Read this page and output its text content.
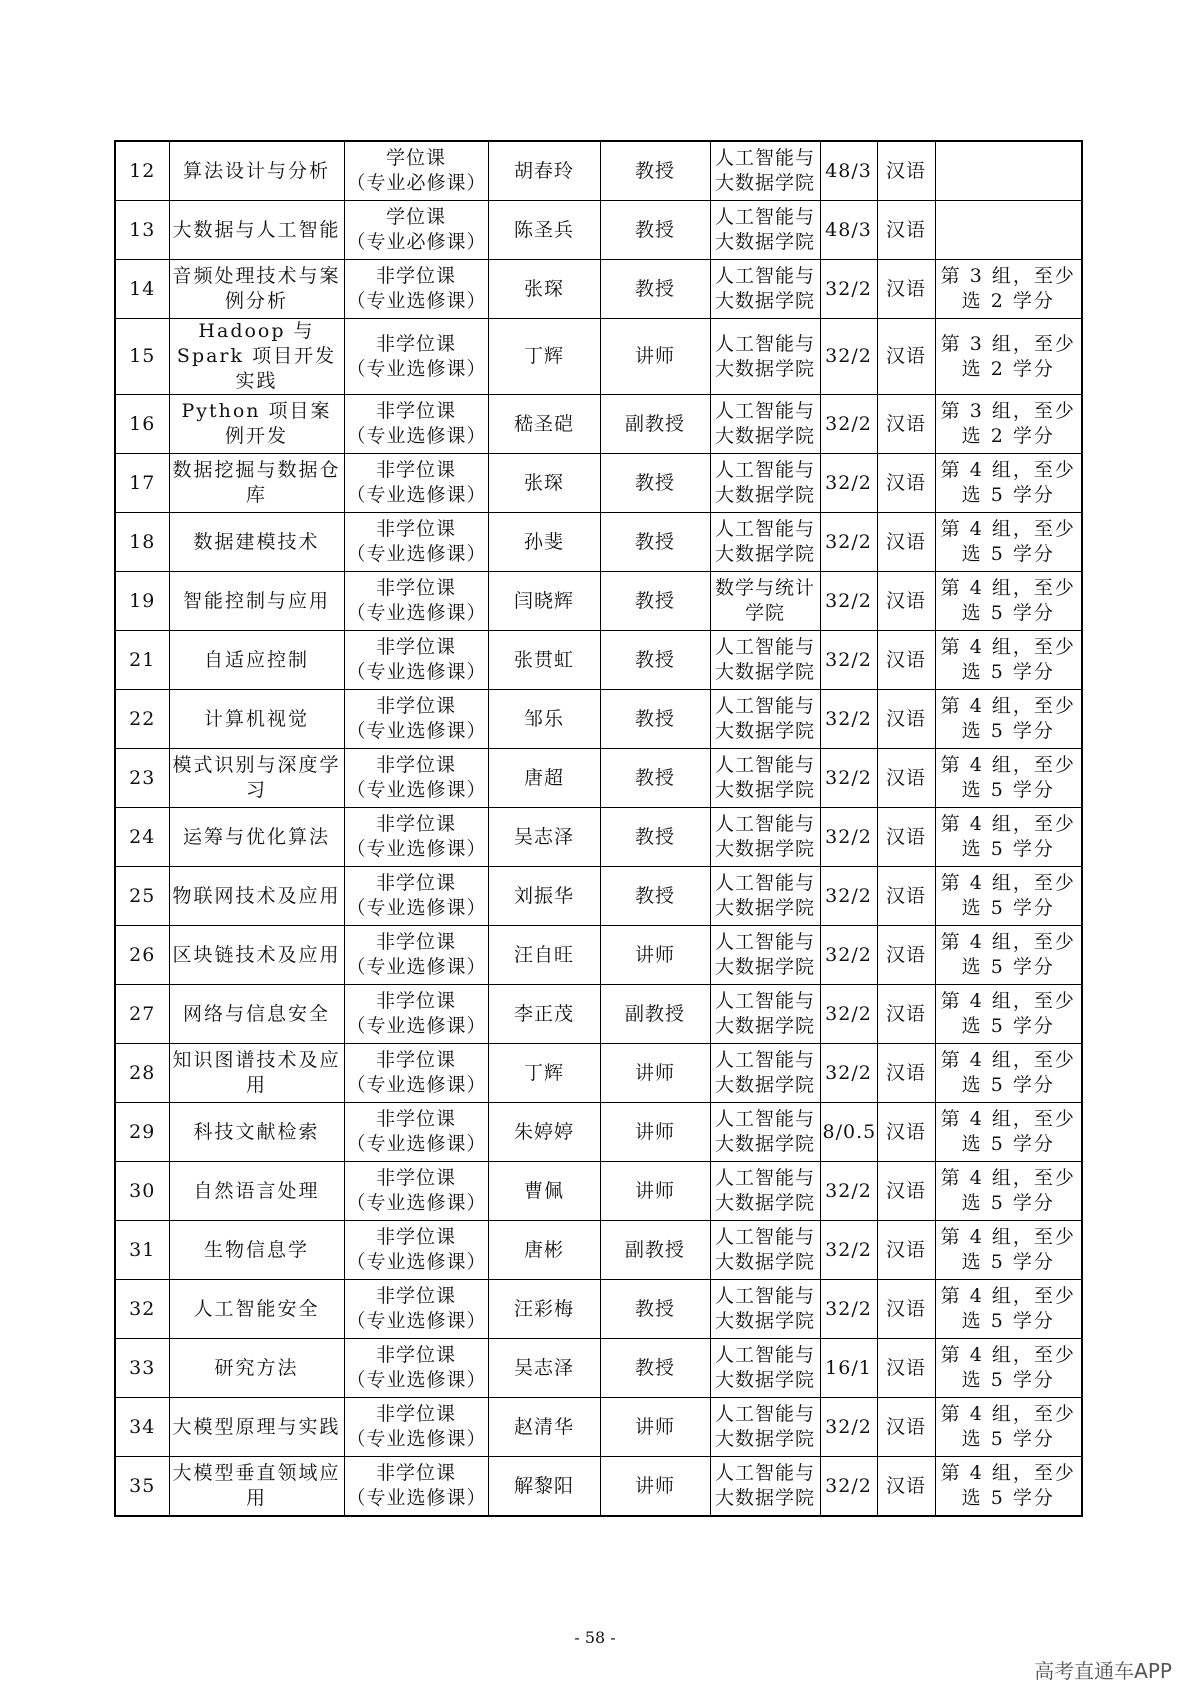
12	算法设计与分析	学位课
（专业必修课）	胡春玲	教授	人工智能与大数据学院	48/3	汉语	
13	大数据与人工智能	学位课
（专业必修课）	陈圣兵	教授	人工智能与大数据学院	48/3	汉语	
14	音频处理技术与案例分析	非学位课
（专业选修课）	张琛	教授	人工智能与大数据学院	32/2	汉语	第 3 组，至少选 2 学分
15	Hadoop 与 Spark 项目开发实践	非学位课
（专业选修课）	丁辉	讲师	人工智能与大数据学院	32/2	汉语	第 3 组，至少选 2 学分
16	Python 项目案例开发	非学位课
（专业选修课）	嵇圣硙	副教授	人工智能与大数据学院	32/2	汉语	第 3 组，至少选 2 学分
17	数据挖掘与数据仓库	非学位课
（专业选修课）	张琛	教授	人工智能与大数据学院	32/2	汉语	第 4 组，至少选 5 学分
18	数据建模技术	非学位课
（专业选修课）	孙斐	教授	人工智能与大数据学院	32/2	汉语	第 4 组，至少选 5 学分
19	智能控制与应用	非学位课
（专业选修课）	闫晓辉	教授	数学与统计学院	32/2	汉语	第 4 组，至少选 5 学分
21	自适应控制	非学位课
（专业选修课）	张贯虹	教授	人工智能与大数据学院	32/2	汉语	第 4 组，至少选 5 学分
22	计算机视觉	非学位课
（专业选修课）	邹乐	教授	人工智能与大数据学院	32/2	汉语	第 4 组，至少选 5 学分
23	模式识别与深度学习	非学位课
（专业选修课）	唐超	教授	人工智能与大数据学院	32/2	汉语	第 4 组，至少选 5 学分
24	运筹与优化算法	非学位课
（专业选修课）	吴志泽	教授	人工智能与大数据学院	32/2	汉语	第 4 组，至少选 5 学分
25	物联网技术及应用	非学位课
（专业选修课）	刘振华	教授	人工智能与大数据学院	32/2	汉语	第 4 组，至少选 5 学分
26	区块链技术及应用	非学位课
（专业选修课）	汪自旺	讲师	人工智能与大数据学院	32/2	汉语	第 4 组，至少选 5 学分
27	网络与信息安全	非学位课
（专业选修课）	李正茂	副教授	人工智能与大数据学院	32/2	汉语	第 4 组，至少选 5 学分
28	知识图谱技术及应用	非学位课
（专业选修课）	丁辉	讲师	人工智能与大数据学院	32/2	汉语	第 4 组，至少选 5 学分
29	科技文献检索	非学位课
（专业选修课）	朱婷婷	讲师	人工智能与大数据学院	8/0.5	汉语	第 4 组，至少选 5 学分
30	自然语言处理	非学位课
（专业选修课）	曹佩	讲师	人工智能与大数据学院	32/2	汉语	第 4 组，至少选 5 学分
31	生物信息学	非学位课
（专业选修课）	唐彬	副教授	人工智能与大数据学院	32/2	汉语	第 4 组，至少选 5 学分
32	人工智能安全	非学位课
（专业选修课）	汪彩梅	教授	人工智能与大数据学院	32/2	汉语	第 4 组，至少选 5 学分
33	研究方法	非学位课
（专业选修课）	吴志泽	教授	人工智能与大数据学院	16/1	汉语	第 4 组，至少选 5 学分
34	大模型原理与实践	非学位课
（专业选修课）	赵清华	讲师	人工智能与大数据学院	32/2	汉语	第 4 组，至少选 5 学分
35	大模型垂直领域应用	非学位课
（专业选修课）	解黎阳	讲师	人工智能与大数据学院	32/2	汉语	第 4 组，至少选 5 学分
- 58 -
高考直通车APP
